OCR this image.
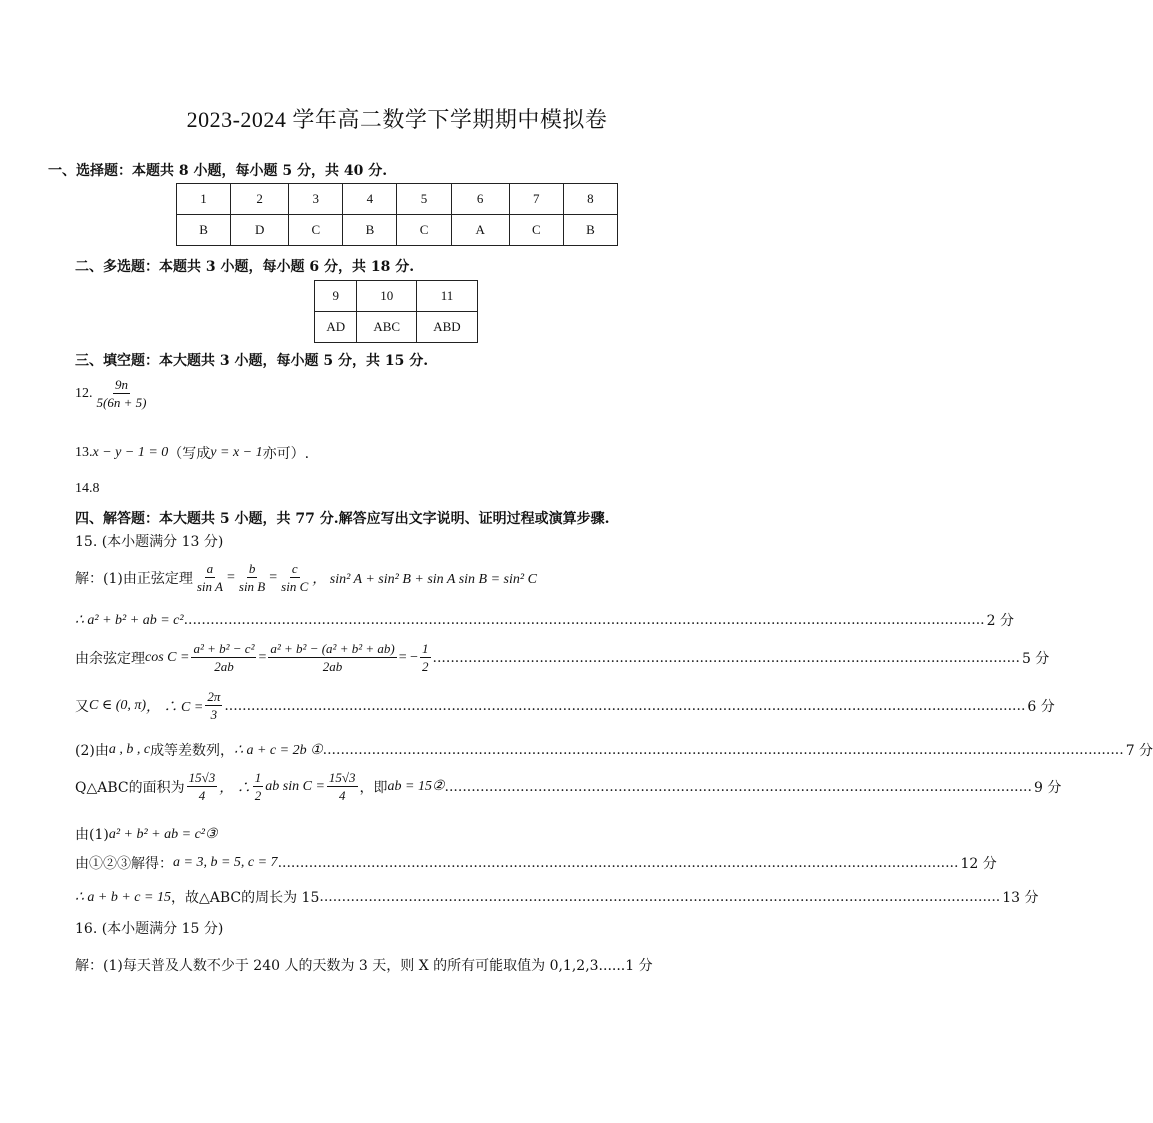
2023-2024 学年高二数学下学期期中模拟卷
一、选择题：本题共 8 小题，每小题 5 分，共 40 分.
1	2	3	4	5	6	7	8
B	D	C	B	C	A	C	B
二、多选题：本题共 3 小题，每小题 6 分，共 18 分.
9	10	11
AD	ABC	ABD
三、填空题：本大题共 3 小题，每小题 5 分，共 15 分.
12. $\frac{9n}{5(6n + 5)}$
13. x − y − 1 = 0 （写成 y = x − 1 亦可）.
14.8
四、解答题：本大题共 5 小题，共 77 分.解答应写出文字说明、证明过程或演算步骤.
15. (本小题满分 13 分)
解：(1)由正弦定理 $\frac{a}{\text{sin A}} = \frac{b}{\text{sin B}} = \frac{c}{\text{sin C}}$ ， sin² A + sin² B + sin A sin B = sin² C
∴ a² + b² + ab = c² .................................................................................................................................................................................... 2 分
由余弦定理 $\cos C = \frac{\text{a² + b² − c²}}{2ab} = \frac{\text{a² + b² − (a² + b² + ab)}}{2ab}$ = − $\frac{1}{2}$ .................................................................................................................................... 5 分
又 C ∈ (0, π) ， ∴ $C = \frac{2\pi}{3}$ .................................................................................................................................................................................... 6 分
(2)由 a , b , c 成等差数列， ∴ a + c = 2b ① .................................................................................................................................................................................... 7 分
Q△ABC的面积为 $\frac{15√3}{4}$ ， ∴ $\frac{1}{2}$ ab $\sin C = \frac{15√3}{4}$ ，即 ab = 15② .................................................................................................................................... 9 分
由(1) a² + b² + ab = c²③
由①②③解得： a = 3, b = 5, c = 7 ......................................................................................................................................................... 12 分
∴ a + b + c = 15 ，故△ABC的周长为 15 ......................................................................................................................................................... 13 分
16. (本小题满分 15 分)
解：(1)每天普及人数不少于 240 人的天数为 3 天，则 X 的所有可能取值为 0,1,2,3......1 分
